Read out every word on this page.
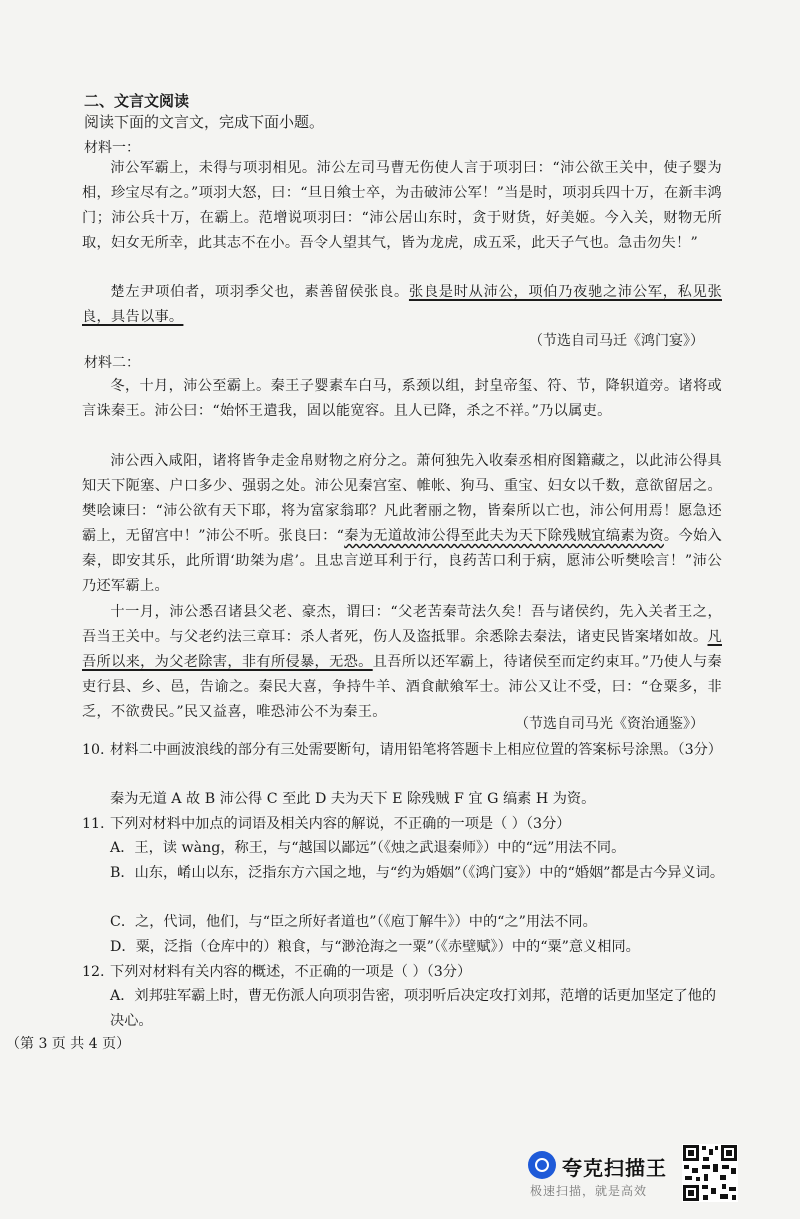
二、文言文阅读
阅读下面的文言文，完成下面小题。
材料一：

沛公军霸上，未得与项羽相见。沛公左司马曹无伤使人言于项羽曰：“沛公欲王关中，使子婴为相，珍宝尽有之。”项羽大怒，曰：“旦日飨士卒，为击破沛公军！”当是时，项羽兵四十万，在新丰鸿门；沛公兵十万，在霸上。范增说项羽曰：“沛公居山东时，贪于财货，好美姬。今入关，财物无所取，妇女无所幸，此其志不在小。吾令人望其气，皆为龙虎，成五采，此天子气也。急击勿失！”

楚左尹项伯者，项羽季父也，素善留侯张良。张良是时从沛公，项伯乃夜驰之沛公军，私见张良，具告以事。

（节选自司马迁《鸿门宴》）
材料二：

冬，十月，沛公至霸上。秦王子婴素车白马，系颈以组，封皇帝玺、符、节，降轵道旁。诸将或言诛秦王。沛公曰：“始怀王遣我，固以能宽容。且人已降，杀之不祥。”乃以属吏。

沛公西入咸阳，诸将皆争走金帛财物之府分之。萧何独先入收秦丞相府图籍藏之，以此沛公得具知天下阨塞、户口多少、强弱之处。沛公见秦宫室、帷帐、狗马、重宝、妇女以千数，意欲留居之。樊哙谏曰：“沛公欲有天下耶，将为富家翁耶？凡此奢丽之物，皆秦所以亡也，沛公何用焉！愿急还霸上，无留宫中！”沛公不听。张良曰：“秦为无道故沛公得至此夫为天下除残贼宜缟素为资。今始入秦，即安其乐，此所谓‘助桀为虐’。且忠言逆耳利于行，良药苦口利于病，愿沛公听樊哙言！”沛公乃还军霸上。

十一月，沛公悉召诸县父老、豪杰，谓曰：“父老苦秦苛法久矣！吾与诸侯约，先入关者王之，吾当王关中。与父老约法三章耳：杀人者死，伤人及盗抵罪。余悉除去秦法，诸吏民皆案堵如故。凡吾所以来，为父老除害，非有所侵暴，无恐。且吾所以还军霸上，待诸侯至而定约束耳。”乃使人与秦吏行县、乡、邑，告谕之。秦民大喜，争持牛羊、酒食献飨军士。沛公又让不受，曰：“仓粟多，非乏，不欲费民。”民又益喜，唯恐沛公不为秦王。

（节选自司马光《资治通鉴》）
10. 材料二中画波浪线的部分有三处需要断句，请用铅笔将答题卡上相应位置的答案标号涂黑。（3分）
秦为无道 A 故 B 沛公得 C 至此 D 夫为天下 E 除残贼 F 宜 G 缟素 H 为资。
11. 下列对材料中加点的词语及相关内容的解说，不正确的一项是（ ）（3分）
A．王，读 wàng，称王，与“越国以鄙远”（《烛之武退秦师》）中的“远”用法不同。
B．山东，崤山以东，泛指东方六国之地，与“约为婚姻”（《鸿门宴》）中的“婚姻”都是古今异义词。
C．之，代词，他们，与“臣之所好者道也”（《庖丁解牛》）中的“之”用法不同。
D．粟，泛指（仓库中的）粮食，与“渺沧海之一粟”（《赤壁赋》）中的“粟”意义相同。
12. 下列对材料有关内容的概述，不正确的一项是（ ）（3分）
A．刘邦驻军霸上时，曹无伤派人向项羽告密，项羽听后决定攻打刘邦，范增的话更加坚定了他的决心。
（第 3 页 共 4 页）
夸克扫描王
极速扫描，就是高效
